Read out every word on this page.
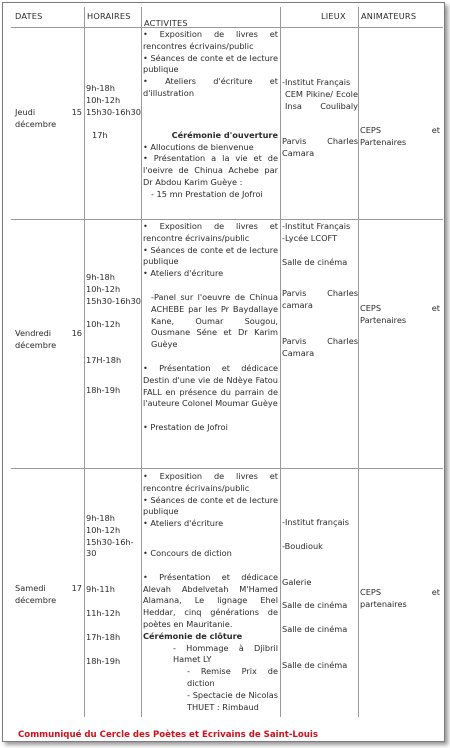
DATES	HORAIRES
ACTIVITES
LIEUX ANIMATEURS
Jeudi 15 décembre
9h-18h
10h-12h
15h30-16h30
17h
• Exposition de livres et rencontres écrivains/public
• Séances de conte et de lecture publique
• Ateliers d'écriture et d'illustration
Cérémonie d'ouverture
• Allocutions de bienvenue
• Présentation a la vie et de l'oeivre de Chinua Achebe par Dr Abdou Karim Guèye :
- 15 mn Prestation de Jofroi
-Institut Français
CEM Pikine/ Ecole Insa Coulibaly
Parvis Charles Camara
CEPS et Partenaires
Vendredi 16 décembre
9h-18h
10h-12h
15h30-16h30
10h-12h
17H-18h
18h-19h
• Exposition de livres et rencontre écrivains/public
• Séances de conte et de lecture publique
• Ateliers d'écriture
-Panel sur l'oeuvre de Chinua ACHEBE par les Pr Baydallaye Kane, Oumar Sougou, Ousmane Séne et Dr Karim Guèye
• Présentation et dédicace Destin d'une vie de Ndèye Fatou FALL en présence du parrain de l'auteure Colonel Moumar Guèye
• Prestation de Jofroi
-Institut Français
-Lycée LCOFT
Salle de cinéma
Parvis Charles camara
Parvis Charles Camara
CEPS et Partenaires
Samedi 17 décembre
9h-18h
10h-12h
15h30-16h-30
9h-11h
11h-12h
17h-18h
18h-19h
• Exposition de livres et rencontre écrivains/public
• Séances de conte et de lecture publique
• Ateliers d'écriture
• Concours de diction
• Présentation et dédicace Alevah Abdelvetah M'Hamed Alamana, Le lignage Ehel Heddar, cinq générations de poètes en Mauritanie.
Cérémonie de clôture
- Hommage à Djibril Hamet LY
- Remise Prix de diction
- Spectacie de Nicolas THUET : Rimbaud
-Institut français
-Boudiouk
Galerie
Salle de cinéma
Salle de cinéma
Salle de cinéma
CEPS et partenaires
Communiqué du Cercle des Poètes et Ecrivains de Saint-Louis
